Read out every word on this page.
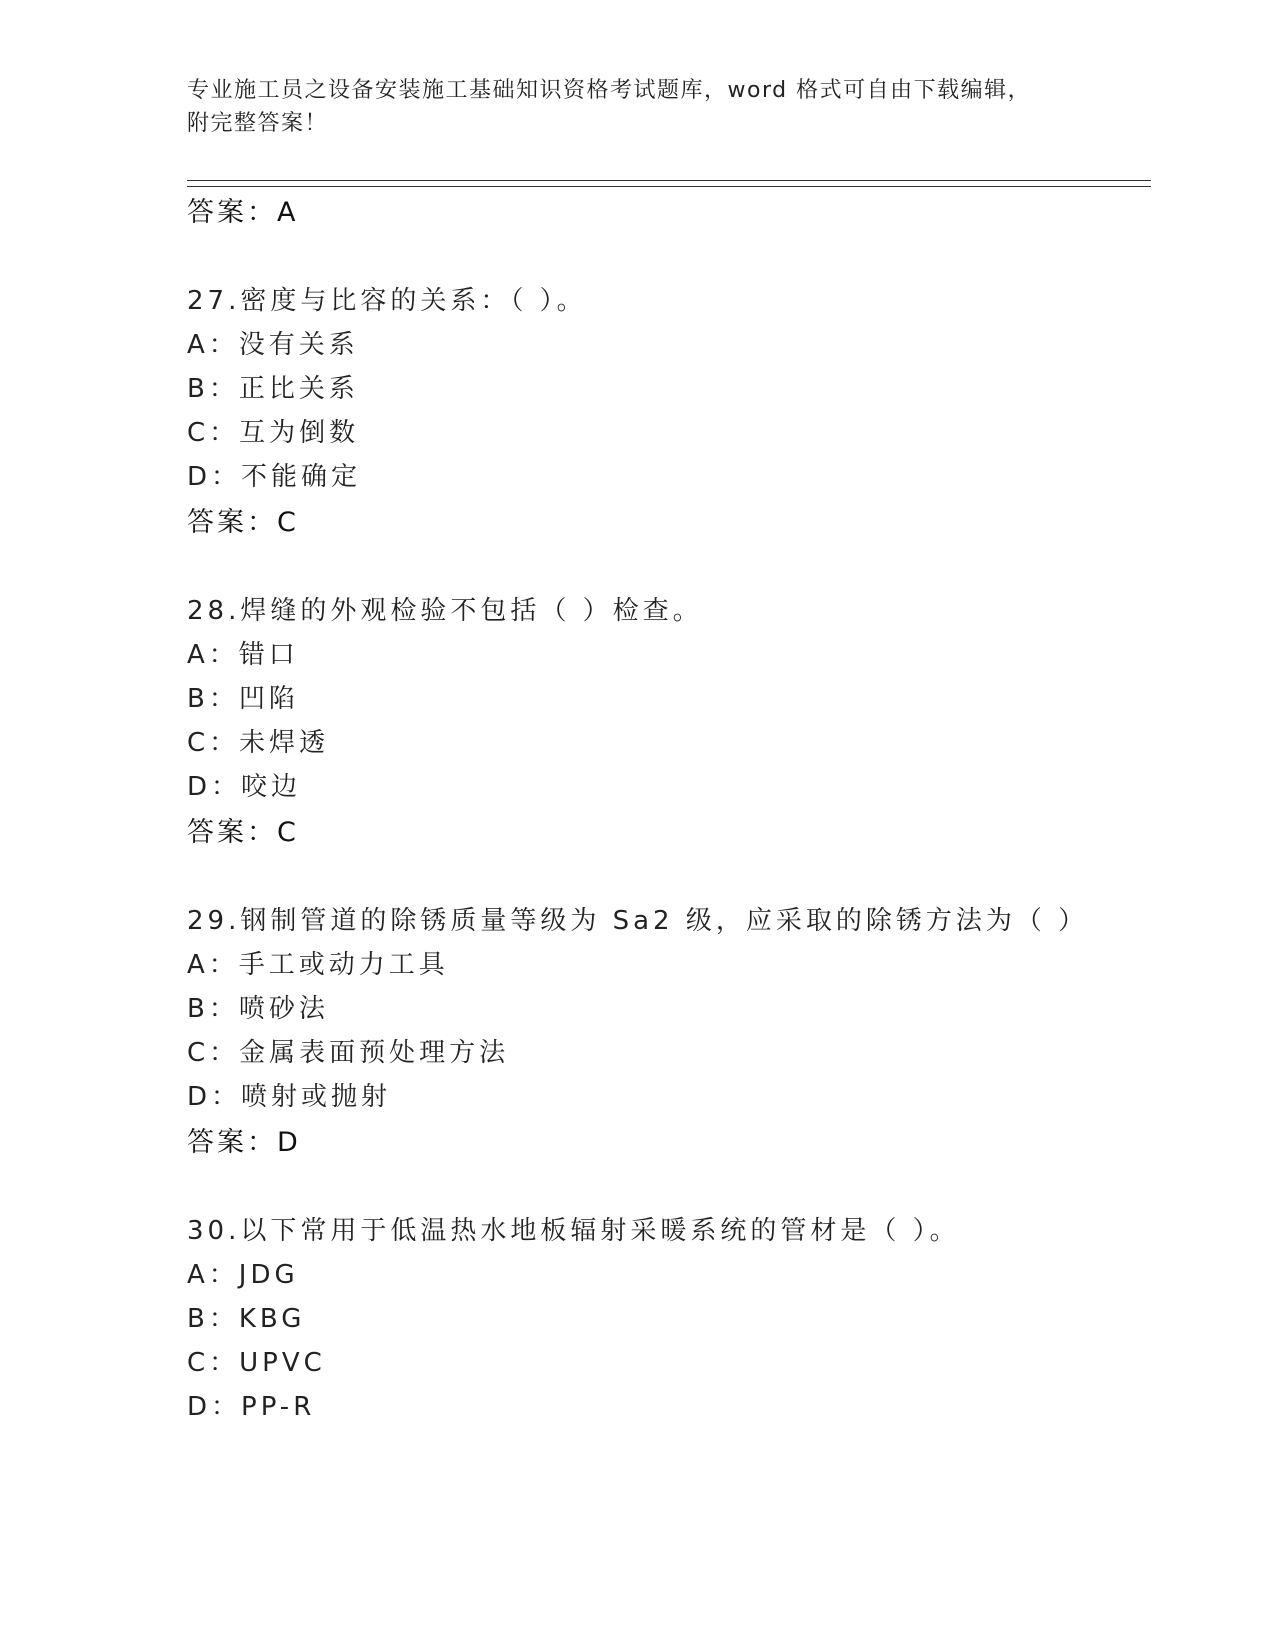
专业施工员之设备安装施工基础知识资格考试题库，word 格式可自由下载编辑，
附完整答案！
答案：A
27.密度与比容的关系：（ ）。
A：没有关系
B：正比关系
C：互为倒数
D：不能确定
答案：C
28.焊缝的外观检验不包括（ ）检查。
A：错口
B：凹陷
C：未焊透
D：咬边
答案：C
29.钢制管道的除锈质量等级为 Sa2 级，应采取的除锈方法为（ ）
A：手工或动力工具
B：喷砂法
C：金属表面预处理方法
D：喷射或抛射
答案：D
30.以下常用于低温热水地板辐射采暖系统的管材是（ ）。
A：JDG
B：KBG
C：UPVC
D：PP-R
